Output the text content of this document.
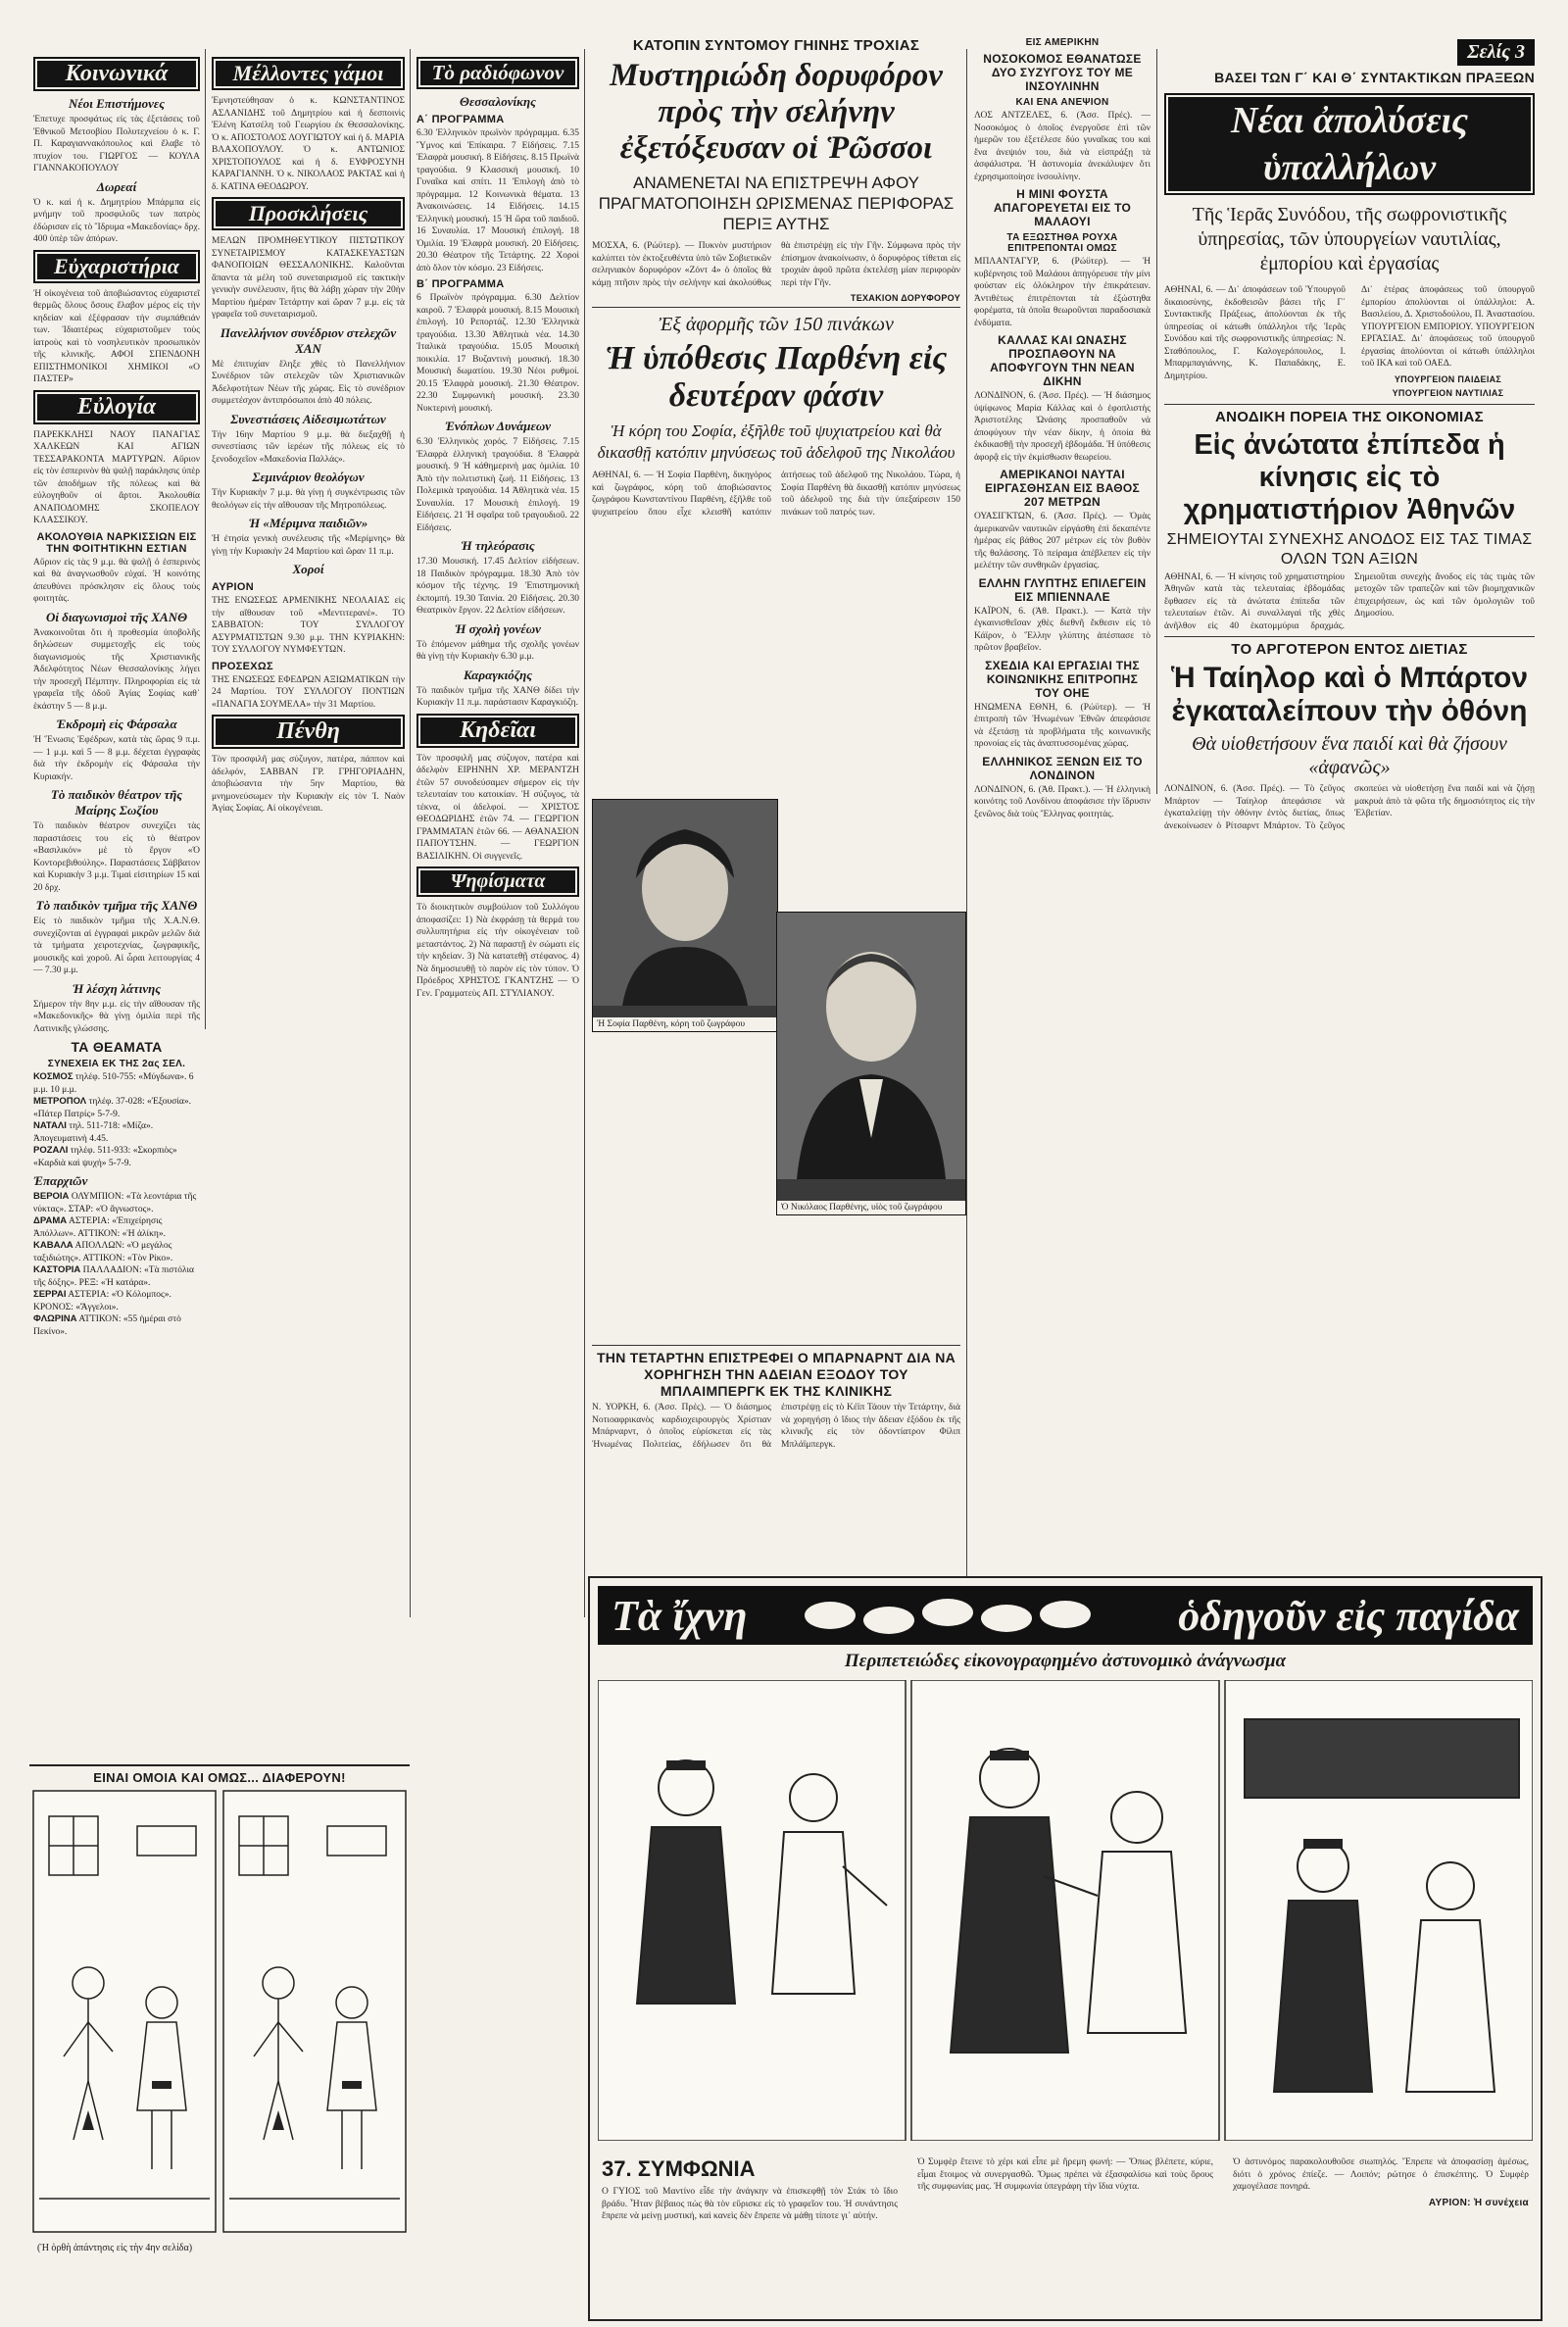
Κοινωνικά
Νέοι Επιστήμονες

Ἐπετυχε προσφάτως εἰς τὰς ἐξετάσεις τοῦ Ἐθνικοῦ Μετσοβίου Πολυτεχνείου ὁ κ. Γ. Π. Καραγιαννακόπουλος καὶ ἔλαβε τὸ πτυχίον του. ΓΙΩΡΓΟΣ — ΚΟΥΛΑ ΓΙΑΝΝΑΚΟΠΟΥΛΟΥ

Δωρεαί

Ὁ κ. καὶ ἡ κ. Δημητρίου Μπάρμπα εἰς μνήμην τοῦ προσφιλοῦς των πατρὸς ἐδώρισαν εἰς τὸ Ἵδρυμα «Μακεδονίας» δρχ. 400 ὑπὲρ τῶν ἀπόρων.

Εὐχαριστήρια

Ἡ οἰκογένεια τοῦ ἀποβιώσαντος εὐχαριστεῖ θερμῶς ὅλους ὅσους ἔλαβον μέρος εἰς τὴν κηδείαν καὶ ἐξέφρασαν τὴν συμπάθειάν των. Ἰδιαιτέρως εὐχαριστοῦμεν τοὺς ἰατροὺς καὶ τὸ νοσηλευτικὸν προσωπικὸν τῆς κλινικῆς. ΑΦΟΙ ΣΠΕΝΔΟΝΗ ΕΠΙΣΤΗΜΟΝΙΚΟΙ ΧΗΜΙΚΟΙ «Ο ΠΑΣΤΕΡ»

Εὐλογία

ΠΑΡΕΚΚΛΗΣΙ ΝΑΟΥ ΠΑΝΑΓΙΑΣ ΧΑΛΚΕΩΝ ΚΑΙ ΑΓΙΩΝ ΤΕΣΣΑΡΑΚΟΝΤΑ ΜΑΡΤΥΡΩΝ. Αὔριον εἰς τὸν ἑσπερινὸν θὰ ψαλῇ παράκλησις ὑπὲρ τῶν ἀποδήμων τῆς πόλεως καὶ θὰ εὐλογηθοῦν οἱ ἄρτοι. Ἀκολουθία ΑΝΑΠΟΔΟΜΗΣ ΣΚΟΠΕΛΟΥ ΚΛΑΣΣΙΚΟΥ.

ΑΚΟΛΟΥΘΙΑ ΝΑΡΚΙΣΣΙΩΝ ΕΙΣ ΤΗΝ ΦΟΙΤΗΤΙΚΗΝ ΕΣΤΙΑΝ

Αὔριον εἰς τὰς 9 μ.μ. θὰ ψαλῇ ὁ ἑσπερινὸς καὶ θὰ ἀναγνωσθοῦν εὐχαί. Ἡ κοινότης ἀπευθύνει πρόσκλησιν εἰς ὅλους τοὺς φοιτητὰς.

Οἱ διαγωνισμοὶ τῆς ΧΑΝΘ

Ἀνακοινοῦται ὅτι ἡ προθεσμία ὑποβολῆς δηλώσεων συμμετοχῆς εἰς τοὺς διαγωνισμοὺς τῆς Χριστιανικῆς Ἀδελφότητος Νέων Θεσσαλονίκης λήγει τὴν προσεχῆ Πέμπτην. Πληροφορίαι εἰς τὰ γραφεῖα τῆς ὁδοῦ Ἀγίας Σοφίας καθ᾽ ἑκάστην 5 — 8 μ.μ.

Ἐκδρομὴ εἰς Φάρσαλα

Ἡ Ἕνωσις Ἐφέδρων, κατὰ τὰς ὥρας 9 π.μ. — 1 μ.μ. καὶ 5 — 8 μ.μ. δέχεται ἐγγραφὰς διὰ τὴν ἐκδρομὴν εἰς Φάρσαλα τὴν Κυριακήν.

Τὸ παιδικὸν θέατρον τῆς Μαίρης Σωζίου

Τὸ παιδικὸν θέατρον συνεχίζει τὰς παραστάσεις του εἰς τὸ θέατρον «Βασιλικόν» μὲ τὸ ἔργον «Ὁ Κοντορεβιθούλης». Παραστάσεις Σάββατον καὶ Κυριακὴν 3 μ.μ. Τιμαὶ εἰσιτηρίων 15 καὶ 20 δρχ.

Τὸ παιδικὸν τμῆμα τῆς ΧΑΝΘ

Εἰς τὸ παιδικὸν τμῆμα τῆς Χ.Α.Ν.Θ. συνεχίζονται αἱ ἐγγραφαὶ μικρῶν μελῶν διὰ τὰ τμήματα χειροτεχνίας, ζωγραφικῆς, μουσικῆς καὶ χοροῦ. Αἱ ὧραι λειτουργίας 4 — 7.30 μ.μ.

Ἡ λέσχη λάτινης

Σήμερον τὴν 8ην μ.μ. εἰς τὴν αἴθουσαν τῆς «Μακεδονικῆς» θὰ γίνῃ ὁμιλία περὶ τῆς Λατινικῆς γλώσσης.

ΤΑ ΘΕΑΜΑΤΑ
ΣΥΝΕΧΕΙΑ ΕΚ ΤΗΣ 2ας ΣΕΛ.
ΚΟΣΜΟΣ τηλέφ. 510-755: «Μύγδωνα». 6 μ.μ. 10 μ.μ.
ΜΕΤΡΟΠΟΛ τηλέφ. 37-028: «Ἐξουσία». «Πάτερ Πατρίς» 5-7-9.
ΝΑΤΑΛΙ τηλ. 511-718: «Μίζα». Ἀπογευματινὴ 4.45.
ΡΟΖΑΛΙ τηλέφ. 511-933: «Σκορπιὸς» «Καρδιὰ καὶ ψυχή» 5-7-9.
Ἐπαρχιῶν
ΒΕΡΟΙΑ ΟΛΥΜΠΙΟΝ: «Τὰ λεοντάρια τῆς νύκτας». ΣΤΑΡ: «Ὁ ἄγνωστος».
ΔΡΑΜΑ ΑΣΤΕΡΙΑ: «Ἐπιχείρησις Ἀπόλλων». ΑΤΤΙΚΟΝ: «Ἡ ἀλίκη».
ΚΑΒΑΛΑ ΑΠΟΛΛΩΝ: «Ὁ μεγάλος ταξιδιώτης». ΑΤΤΙΚΟΝ: «Τὸν Ρίκο».
ΚΑΣΤΟΡΙΑ ΠΑΛΛΑΔΙΟΝ: «Τὰ πιστόλια τῆς δόξης». ΡΕΞ: «Ἡ κατάρα».
ΣΕΡΡΑΙ ΑΣΤΕΡΙΑ: «Ὁ Κόλομπος». ΚΡΟΝΟΣ: «Ἄγγελοι».
ΦΛΩΡΙΝΑ ΑΤΤΙΚΟΝ: «55 ἡμέραι στὸ Πεκίνο».
Μέλλοντες γάμοι

Ἐμνηστεύθησαν ὁ κ. ΚΩΝΣΤΑΝΤΙΝΟΣ ΑΣΛΑΝΙΔΗΣ τοῦ Δημητρίου καὶ ἡ δεσποινὶς Ἑλένη Κατσέλη τοῦ Γεωργίου ἐκ Θεσσαλονίκης. Ὁ κ. ΑΠΟΣΤΟΛΟΣ ΛΟΥΓΙΩΤΟΥ καὶ ἡ δ. ΜΑΡΙΑ ΒΛΑΧΟΠΟΥΛΟΥ. Ὁ κ. ΑΝΤΩΝΙΟΣ ΧΡΙΣΤΟΠΟΥΛΟΣ καὶ ἡ δ. ΕΥΦΡΟΣΥΝΗ ΚΑΡΑΓΙΑΝΝΗ. Ὁ κ. ΝΙΚΟΛΑΟΣ ΡΑΚΤΑΣ καὶ ἡ δ. ΚΑΤΙΝΑ ΘΕΟΔΩΡΟΥ.

Προσκλήσεις

ΜΕΛΩΝ ΠΡΟΜΗΘΕΥΤΙΚΟΥ ΠΙΣΤΩΤΙΚΟΥ ΣΥΝΕΤΑΙΡΙΣΜΟΥ ΚΑΤΑΣΚΕΥΑΣΤΩΝ ΦΑΝΟΠΟΙΩΝ ΘΕΣΣΑΛΟΝΙΚΗΣ. Καλοῦνται ἅπαντα τὰ μέλη τοῦ συνεταιρισμοῦ εἰς τακτικὴν γενικὴν συνέλευσιν, ἥτις θὰ λάβῃ χώραν τὴν 20ὴν Μαρτίου ἡμέραν Τετάρτην καὶ ὥραν 7 μ.μ. εἰς τὰ γραφεῖα τοῦ συνεταιρισμοῦ.

Πανελλήνιον συνέδριον στελεχῶν ΧΑΝ

Μὲ ἐπιτυχίαν ἔληξε χθὲς τὸ Πανελλήνιον Συνέδριον τῶν στελεχῶν τῶν Χριστιανικῶν Ἀδελφοτήτων Νέων τῆς χώρας. Εἰς τὸ συνέδριον συμμετέσχον ἀντιπρόσωποι ἀπὸ 40 πόλεις.

Συνεστιάσεις Αἰδεσιμωτάτων

Τὴν 16ην Μαρτίου 9 μ.μ. θὰ διεξαχθῇ ἡ συνεστίασις τῶν ἱερέων τῆς πόλεως εἰς τὸ ξενοδοχεῖον «Μακεδονία Παλλάς».

Σεμινάριον θεολόγων

Τὴν Κυριακὴν 7 μ.μ. θὰ γίνῃ ἡ συγκέντρωσις τῶν θεολόγων εἰς τὴν αἴθουσαν τῆς Μητροπόλεως.

Ἡ «Μέριμνα παιδιῶν»

Ἡ ἐτησία γενικὴ συνέλευσις τῆς «Μερίμνης» θὰ γίνῃ τὴν Κυριακὴν 24 Μαρτίου καὶ ὥραν 11 π.μ.

Χοροί
ΑΥΡΙΟΝ

ΤΗΣ ΕΝΩΣΕΩΣ ΑΡΜΕΝΙΚΗΣ ΝΕΟΛΑΙΑΣ εἰς τὴν αἴθουσαν τοῦ «Μεντιτερανέ». ΤΟ ΣΑΒΒΑΤΟΝ: ΤΟΥ ΣΥΛΛΟΓΟΥ ΑΣΥΡΜΑΤΙΣΤΩΝ 9.30 μ.μ. ΤΗΝ ΚΥΡΙΑΚΗΝ: ΤΟΥ ΣΥΛΛΟΓΟΥ ΝΥΜΦΕΥΤΩΝ.

ΠΡΟΣΕΧΩΣ

ΤΗΣ ΕΝΩΣΕΩΣ ΕΦΕΔΡΩΝ ΑΞΙΩΜΑΤΙΚΩΝ τὴν 24 Μαρτίου. ΤΟΥ ΣΥΛΛΟΓΟΥ ΠΟΝΤΙΩΝ «ΠΑΝΑΓΙΑ ΣΟΥΜΕΛΑ» τὴν 31 Μαρτίου.

Πένθη

Τὸν προσφιλῆ μας σύζυγον, πατέρα, πάππον καὶ ἀδελφόν, ΣΑΒΒΑΝ ΓΡ. ΓΡΗΓΟΡΙΑΔΗΝ, ἀποβιώσαντα τὴν 5ην Μαρτίου, θὰ μνημονεύσωμεν τὴν Κυριακὴν εἰς τὸν Ἱ. Ναὸν Ἁγίας Σοφίας. Αἱ οἰκογένειαι.

ΕΙΝΑΙ ΟΜΟΙΑ ΚΑΙ ΟΜΩΣ... ΔΙΑΦΕΡΟΥΝ!
(Ἡ ὀρθὴ ἀπάντησις εἰς τὴν 4ην σελίδα)
Τὸ ραδιόφωνον
Θεσσαλονίκης
Α΄ ΠΡΟΓΡΑΜΜΑ

6.30 Ἑλληνικὸν πρωϊνὸν πρόγραμμα. 6.35 Ὕμνος καὶ Ἐπίκαιρα. 7 Εἰδήσεις. 7.15 Ἑλαφρὰ μουσική. 8 Εἰδήσεις. 8.15 Πρωϊνὰ τραγούδια. 9 Κλασσικὴ μουσική. 10 Γυναῖκα καὶ σπίτι. 11 Ἐπιλογὴ ἀπὸ τὸ πρόγραμμα. 12 Κοινωνικὰ θέματα. 13 Ἀνακοινώσεις. 14 Εἰδήσεις. 14.15 Ἑλληνικὴ μουσική. 15 Ἡ ὥρα τοῦ παιδιοῦ. 16 Συναυλία. 17 Μουσικὴ ἐπιλογή. 18 Ὁμιλία. 19 Ἐλαφρὰ μουσική. 20 Εἰδήσεις. 20.30 Θέατρον τῆς Τετάρτης. 22 Χοροὶ ἀπὸ ὅλον τὸν κόσμο. 23 Εἰδήσεις.

Β΄ ΠΡΟΓΡΑΜΜΑ

6 Πρωϊνὸν πρόγραμμα. 6.30 Δελτίον καιροῦ. 7 Ἑλαφρὰ μουσική. 8.15 Μουσικὴ ἐπιλογή. 10 Ρεπορτάζ. 12.30 Ἑλληνικὰ τραγούδια. 13.30 Ἀθλητικὰ νέα. 14.30 Ἰταλικὰ τραγούδια. 15.05 Μουσικὴ ποικιλία. 17 Βυζαντινὴ μουσική. 18.30 Μουσικὴ δωματίου. 19.30 Νέοι ρυθμοί. 20.15 Ἐλαφρὰ μουσική. 21.30 Θέατρον. 22.30 Συμφωνικὴ μουσική. 23.30 Νυκτερινὴ μουσική.

Ἐνόπλων Δυνάμεων

6.30 Ἑλληνικὸς χορός. 7 Εἰδήσεις. 7.15 Ἑλαφρὰ ἑλληνικὴ τραγούδια. 8 Ἑλαφρὰ μουσική. 9 Ἡ κάθημερινὴ μας ὁμιλία. 10 Ἀπὸ τὴν πολιτιστικὴ ζωή. 11 Εἰδήσεις. 13 Πολεμικὰ τραγούδια. 14 Ἀθλητικὰ νέα. 15 Συναυλία. 17 Μουσικὴ ἐπιλογή. 19 Εἰδήσεις. 21 Ἡ σφαῖρα τοῦ τραγουδιοῦ. 22 Εἰδήσεις.

Ἡ τηλεόρασις

17.30 Μουσική. 17.45 Δελτίον εἰδήσεων. 18 Παιδικὸν πρόγραμμα. 18.30 Ἀπὸ τὸν κόσμον τῆς τέχνης. 19 Ἐπιστημονικὴ ἐκπομπή. 19.30 Ταινία. 20 Εἰδήσεις. 20.30 Θεατρικὸν ἔργον. 22 Δελτίον εἰδήσεων.

Ἡ σχολὴ γονέων

Τὸ ἑπόμενον μάθημα τῆς σχολῆς γονέων θὰ γίνῃ τὴν Κυριακὴν 6.30 μ.μ.

Καραγκιόζης

Τὸ παιδικὸν τμῆμα τῆς ΧΑΝΘ δίδει τὴν Κυριακὴν 11 π.μ. παράστασιν Καραγκιόζη.

Κηδεῖαι

Τὸν προσφιλῆ μας σύζυγον, πατέρα καὶ ἀδελφὸν ΕΙΡΗΝΗΝ ΧΡ. ΜΕΡΑΝΤΖΗ ἐτῶν 57 συνοδεύσαμεν σήμερον εἰς τὴν τελευταίαν του κατοικίαν. Ἡ σύζυγος, τὰ τέκνα, οἱ ἀδελφοί. — ΧΡΙΣΤΟΣ ΘΕΟΔΩΡΙΔΗΣ ἐτῶν 74. — ΓΕΩΡΓΙΟΝ ΓΡΑΜΜΑΤΑΝ ἐτῶν 66. — ΑΘΑΝΑΣΙΟΝ ΠΑΠΟΥΤΣΗΝ. — ΓΕΩΡΓΙΟΝ ΒΑΣΙΛΙΚΗΝ. Οἱ συγγενεῖς.

Ψηφίσματα

Τὸ διοικητικὸν συμβούλιον τοῦ Συλλόγου ἀποφασίζει: 1) Νὰ ἐκφράσῃ τὰ θερμά του συλλυπητήρια εἰς τὴν οἰκογένειαν τοῦ μεταστάντος. 2) Νὰ παραστῇ ἐν σώματι εἰς τὴν κηδείαν. 3) Νὰ κατατεθῇ στέφανος. 4) Νὰ δημοσιευθῇ τὸ παρὸν εἰς τὸν τύπον. Ὁ Πρόεδρος ΧΡΗΣΤΟΣ ΓΚΑΝΤΖΗΣ — Ὁ Γεν. Γραμματεὺς ΑΠ. ΣΤΥΛΙΑΝΟΥ.

ΚΑΤΟΠΙΝ ΣΥΝΤΟΜΟΥ ΓΗΙΝΗΣ ΤΡΟΧΙΑΣ
Μυστηριώδη δορυφόρον πρὸς τὴν σελήνην ἐξετόξευσαν οἱ Ῥῶσσοι
ΑΝΑΜΕΝΕΤΑΙ ΝΑ ΕΠΙΣΤΡΕΨΗ ΑΦΟΥ ΠΡΑΓΜΑΤΟΠΟΙΗΣΗ ΩΡΙΣΜΕΝΑΣ ΠΕΡΙΦΟΡΑΣ ΠΕΡΙΞ ΑΥΤΗΣ

ΜΟΣΧΑ, 6. (Ρώϋτερ). — Πυκνὸν μυστήριον καλύπτει τὸν ἐκτοξευθέντα ὑπὸ τῶν Σοβιετικῶν σεληνιακὸν δορυφόρον «Ζόντ 4» ὁ ὁποῖος θὰ κάμῃ πτῆσιν πρὸς τὴν σελήνην καὶ ἀκολούθως θὰ ἐπιστρέψῃ εἰς τὴν Γῆν. Σύμφωνα πρὸς τὴν ἐπίσημον ἀνακοίνωσιν, ὁ δορυφόρος τίθεται εἰς τροχιὰν ἀφοῦ πρῶτα ἐκτελέσῃ μίαν περιφορὰν περὶ τὴν Γῆν.

ΤΕΧΑΚΙΟΝ ΔΟΡΥΦΟΡΟΥ
Ἐξ ἀφορμῆς τῶν 150 πινάκων
Ἡ ὑπόθεσις Παρθένη εἰς δευτέραν φάσιν
Ἡ κόρη του Σοφία, ἐξῆλθε τοῦ ψυχιατρείου καὶ θὰ δικασθῇ κατόπιν μηνύσεως τοῦ ἀδελφοῦ της Νικολάου

ΑΘΗΝΑΙ, 6. — Ἡ Σοφία Παρθένη, δικηγόρος καὶ ζωγράφος, κόρη τοῦ ἀποβιώσαντος ζωγράφου Κωνσταντίνου Παρθένη, ἐξῆλθε τοῦ ψυχιατρείου ὅπου εἶχε κλεισθῆ κατόπιν ἀιτήσεως τοῦ ἀδελφοῦ της Νικολάου. Τώρα, ἡ Σοφία Παρθένη θὰ δικασθῇ κατόπιν μηνύσεως τοῦ ἀδελφοῦ της διὰ τὴν ὑπεξαίρεσιν 150 πινάκων τοῦ πατρός των.

Ἡ Σοφία Παρθένη, κόρη τοῦ ζωγράφου
Ὁ Νικόλαος Παρθένης, υἱὸς τοῦ ζωγράφου
ΤΗΝ ΤΕΤΑΡΤΗΝ ΕΠΙΣΤΡΕΦΕΙ Ο ΜΠΑΡΝΑΡΝΤ ΔΙΑ ΝΑ ΧΟΡΗΓΗΣΗ ΤΗΝ ΑΔΕΙΑΝ ΕΞΟΔΟΥ ΤΟΥ ΜΠΛΑΙΜΠΕΡΓΚ ΕΚ ΤΗΣ ΚΛΙΝΙΚΗΣ

Ν. ΥΟΡΚΗ, 6. (Ἀσσ. Πρές). — Ὁ διάσημος Νοτιοαφρικανὸς καρδιοχειρουργὸς Χρίστιαν Μπάρναρντ, ὁ ὁποῖος εὑρίσκεται εἰς τὰς Ἡνωμένας Πολιτείας, ἐδήλωσεν ὅτι θὰ ἐπιστρέψῃ εἰς τὸ Κέϊπ Τάουν τὴν Τετάρτην, διὰ νὰ χορηγήσῃ ὁ ἴδιος τὴν ἄδειαν ἐξόδου ἐκ τῆς κλινικῆς εἰς τὸν ὀδοντίατρον Φίλιπ Μπλάϊμπεργκ.

ΕΙΣ ΑΜΕΡΙΚΗΝ
ΝΟΣΟΚΟΜΟΣ ΕΘΑΝΑΤΩΣΕ ΔΥΟ ΣΥΖΥΓΟΥΣ ΤΟΥ ΜΕ ΙΝΣΟΥΛΙΝΗΝ
ΚΑΙ ΕΝΑ ΑΝΕΨΙΟΝ

ΛΟΣ ΑΝΤΖΕΛΕΣ, 6. (Ἀσσ. Πρές). — Νοσοκόμος ὁ ὁποῖος ἐνεργοῦσε ἐπὶ τῶν ἡμερῶν του ἐξετέλεσε δύο γυναῖκας του καὶ ἕνα ἀνεψιόν του, διὰ νὰ εἰσπράξῃ τὰ ἀσφάλιστρα. Ἡ ἀστυνομία ἀνεκάλυψεν ὅτι ἐχρησιμοποίησε ἰνσουλίνην.

Η ΜΙΝΙ ΦΟΥΣΤΑ ΑΠΑΓΟΡΕΥΕΤΑΙ ΕΙΣ ΤΟ ΜΑΛΑΟΥΙ
ΤΑ ΕΞΩΣΤΗΘΑ ΡΟΥΧΑ ΕΠΙΤΡΕΠΟΝΤΑΙ ΟΜΩΣ

ΜΠΛΑΝΤΑΓΥΡ, 6. (Ρώϋτερ). — Ἡ κυβέρνησις τοῦ Μαλάουι ἀπηγόρευσε τὴν μίνι φούσταν εἰς ὁλόκληρον τὴν ἐπικράτειαν. Ἀντιθέτως ἐπιτρέπονται τὰ ἐξώστηθα φορέματα, τὰ ὁποῖα θεωροῦνται παραδοσιακὰ ἐνδύματα.

ΚΑΛΛΑΣ ΚΑΙ ΩΝΑΣΗΣ ΠΡΟΣΠΑΘΟΥΝ ΝΑ ΑΠΟΦΥΓΟΥΝ ΤΗΝ ΝΕΑΝ ΔΙΚΗΝ

ΛΟΝΔΙΝΟΝ, 6. (Ἀσσ. Πρές). — Ἡ διάσημος ὑψίφωνος Μαρία Κάλλας καὶ ὁ ἐφοπλιστὴς Ἀριστοτέλης Ὠνάσης προσπαθοῦν νὰ ἀποφύγουν τὴν νέαν δίκην, ἡ ὁποία θὰ ἐκδικασθῇ τὴν προσεχῆ ἑβδομάδα. Ἡ ὑπόθεσις ἀφορᾷ εἰς τὴν ἐκμίσθωσιν θεωρείου.

ΑΜΕΡΙΚΑΝΟΙ ΝΑΥΤΑΙ ΕΙΡΓΑΣΘΗΣΑΝ ΕΙΣ ΒΑΘΟΣ 207 ΜΕΤΡΩΝ

ΟΥΑΣΙΓΚΤΩΝ, 6. (Ἀσσ. Πρές). — Ὁμὰς ἀμερικανῶν ναυτικῶν εἰργάσθη ἐπὶ δεκαπέντε ἡμέρας εἰς βάθος 207 μέτρων εἰς τὸν βυθὸν τῆς θαλάσσης. Τὸ πείραμα ἀπέβλεπεν εἰς τὴν μελέτην τῶν συνθηκῶν ἐργασίας.

ΕΛΛΗΝ ΓΛΥΠΤΗΣ ΕΠΙΛΕΓΕΙΝ ΕΙΣ ΜΠΙΕΝΝΑΛΕ

ΚΑΪΡΟΝ, 6. (Ἀθ. Πρακτ.). — Κατὰ τὴν ἐγκαινισθεῖσαν χθὲς διεθνῆ ἔκθεσιν εἰς τὸ Κάϊρον, ὁ Ἕλλην γλύπτης ἀπέσπασε τὸ πρῶτον βραβεῖον.

ΣΧΕΔΙΑ ΚΑΙ ΕΡΓΑΣΙΑΙ ΤΗΣ ΚΟΙΝΩΝΙΚΗΣ ΕΠΙΤΡΟΠΗΣ ΤΟΥ ΟΗΕ

ΗΝΩΜΕΝΑ ΕΘΝΗ, 6. (Ρώϋτερ). — Ἡ ἐπιτροπὴ τῶν Ἡνωμένων Ἐθνῶν ἀπεφάσισε νὰ ἐξετάσῃ τὰ προβλήματα τῆς κοινωνικῆς προνοίας εἰς τὰς ἀναπτυσσομένας χώρας.

ΕΛΛΗΝΙΚΟΣ ΞΕΝΩΝ ΕΙΣ ΤΟ ΛΟΝΔΙΝΟΝ

ΛΟΝΔΙΝΟΝ, 6. (Ἀθ. Πρακτ.). — Ἡ ἑλληνικὴ κοινότης τοῦ Λονδίνου ἀποφάσισε τὴν ἵδρυσιν ξενῶνος διὰ τοὺς Ἕλληνας φοιτητὰς.

Σελίς 3
ΒΑΣΕΙ ΤΩΝ Γ΄ ΚΑΙ Θ΄ ΣΥΝΤΑΚΤΙΚΩΝ ΠΡΑΞΕΩΝ
Νέαι ἀπολύσεις ὑπαλλήλων
Τῆς Ἱερᾶς Συνόδου, τῆς σωφρονιστικῆς ὑπηρεσίας, τῶν ὑπουργείων ναυτιλίας, ἐμπορίου καὶ ἐργασίας

ΑΘΗΝΑΙ, 6. — Δι᾽ ἀποφάσεων τοῦ Ὑπουργοῦ δικαιοσύνης, ἐκδοθεισῶν βάσει τῆς Γ΄ Συντακτικῆς Πράξεως, ἀπολύονται ἐκ τῆς ὑπηρεσίας οἱ κάτωθι ὑπάλληλοι τῆς Ἱερᾶς Συνόδου καὶ τῆς σωφρονιστικῆς ὑπηρεσίας: Ν. Σταθόπουλος, Γ. Καλογερόπουλος, Ι. Μπαρμπαγιάννης, Κ. Παπαδάκης, Ε. Δημητρίου.

Δι᾽ ἑτέρας ἀποφάσεως τοῦ ὑπουργοῦ ἐμπορίου ἀπολύονται οἱ ὑπάλληλοι: Α. Βασιλείου, Δ. Χριστοδούλου, Π. Ἀναστασίου. ΥΠΟΥΡΓΕΙΟΝ ΕΜΠΟΡΙΟΥ. ΥΠΟΥΡΓΕΙΟΝ ΕΡΓΑΣΙΑΣ. Δι᾽ ἀποφάσεως τοῦ ὑπουργοῦ ἐργασίας ἀπολύονται οἱ κάτωθι ὑπάλληλοι τοῦ ΙΚΑ καὶ τοῦ ΟΑΕΔ.

ΥΠΟΥΡΓΕΙΟΝ ΠΑΙΔΕΙΑΣ
ΥΠΟΥΡΓΕΙΟΝ ΝΑΥΤΙΛΙΑΣ
ΑΝΟΔΙΚΗ ΠΟΡΕΙΑ ΤΗΣ ΟΙΚΟΝΟΜΙΑΣ
Εἰς ἀνώτατα ἐπίπεδα ἡ κίνησις εἰς τὸ χρηματιστήριον Ἀθηνῶν
ΣΗΜΕΙΟΥΤΑΙ ΣΥΝΕΧΗΣ ΑΝΟΔΟΣ ΕΙΣ ΤΑΣ ΤΙΜΑΣ ΟΛΩΝ ΤΩΝ ΑΞΙΩΝ

ΑΘΗΝΑΙ, 6. — Ἡ κίνησις τοῦ χρηματιστηρίου Ἀθηνῶν κατὰ τὰς τελευταίας ἑβδομάδας ἔφθασεν εἰς τὰ ἀνώτατα ἐπίπεδα τῶν τελευταίων ἐτῶν. Αἱ συναλλαγαὶ τῆς χθὲς ἀνῆλθον εἰς 40 ἑκατομμύρια δραχμάς. Σημειοῦται συνεχὴς ἄνοδος εἰς τὰς τιμὰς τῶν μετοχῶν τῶν τραπεζῶν καὶ τῶν βιομηχανικῶν ἐπιχειρήσεων, ὡς καὶ τῶν ὁμολογιῶν τοῦ Δημοσίου.

ΤΟ ΑΡΓΟΤΕΡΟΝ ΕΝΤΟΣ ΔΙΕΤΙΑΣ
Ἡ Ταίηλορ καὶ ὁ Μπάρτον ἐγκαταλείπουν τὴν ὀθόνη
Θὰ υἱοθετήσουν ἕνα παιδί καὶ θὰ ζήσουν «ἀφανῶς»

ΛΟΝΔΙΝΟΝ, 6. (Ἀσσ. Πρές). — Τὸ ζεῦγος Μπάρτον — Ταίηλορ ἀπεφάσισε νὰ ἐγκαταλείψῃ τὴν ὀθόνην ἐντὸς διετίας, ὅπως ἀνεκοίνωσεν ὁ Ρίτσαρντ Μπάρτον. Τὸ ζεῦγος σκοπεύει νὰ υἱοθετήσῃ ἕνα παιδί καὶ νὰ ζήσῃ μακρυὰ ἀπὸ τὰ φῶτα τῆς δημοσιότητος εἰς τὴν Ἑλβετίαν.

Τὰ ἴχνη	ὁδηγοῦν εἰς παγίδα
Περιπετειώδες εἰκονογραφημένο ἀστυνομικὸ ἀνάγνωσμα
37. ΣΥΜΦΩΝΙΑ

Ο ΓΥΙΟΣ τοῦ Μαντίνο εἶδε τὴν ἀνάγκην νὰ ἐπισκεφθῇ τὸν Στάκ τὸ ἴδιο βράδυ. Ἦταν βέβαιος πὼς θὰ τὸν εὕρισκε εἰς τὸ γραφεῖον του. Ἡ συνάντησις ἔπρεπε νὰ μείνῃ μυστική, καὶ κανεὶς δὲν ἔπρεπε νὰ μάθῃ τίποτε γι᾽ αὐτήν.

Ὁ Συμφὲρ ἔτεινε τὸ χέρι καὶ εἶπε μὲ ἤρεμη φωνή: — Ὅπως βλέπετε, κύριε, εἶμαι ἕτοιμος νὰ συνεργασθῶ. Ὅμως πρέπει νὰ ἐξασφαλίσω καὶ τοὺς ὅρους τῆς συμφωνίας μας. Ἡ συμφωνία ὑπεγράφη τὴν ἴδια νύχτα.

Ὁ ἀστυνόμος παρακολουθοῦσε σιωπηλός. Ἔπρεπε νὰ ἀποφασίσῃ ἀμέσως, διότι ὁ χρόνος ἐπίεζε. — Λοιπόν; ρώτησε ὁ ἐπισκέπτης. Ὁ Συμφὲρ χαμογέλασε πονηρά.

ΑΥΡΙΟΝ: Ἡ συνέχεια
